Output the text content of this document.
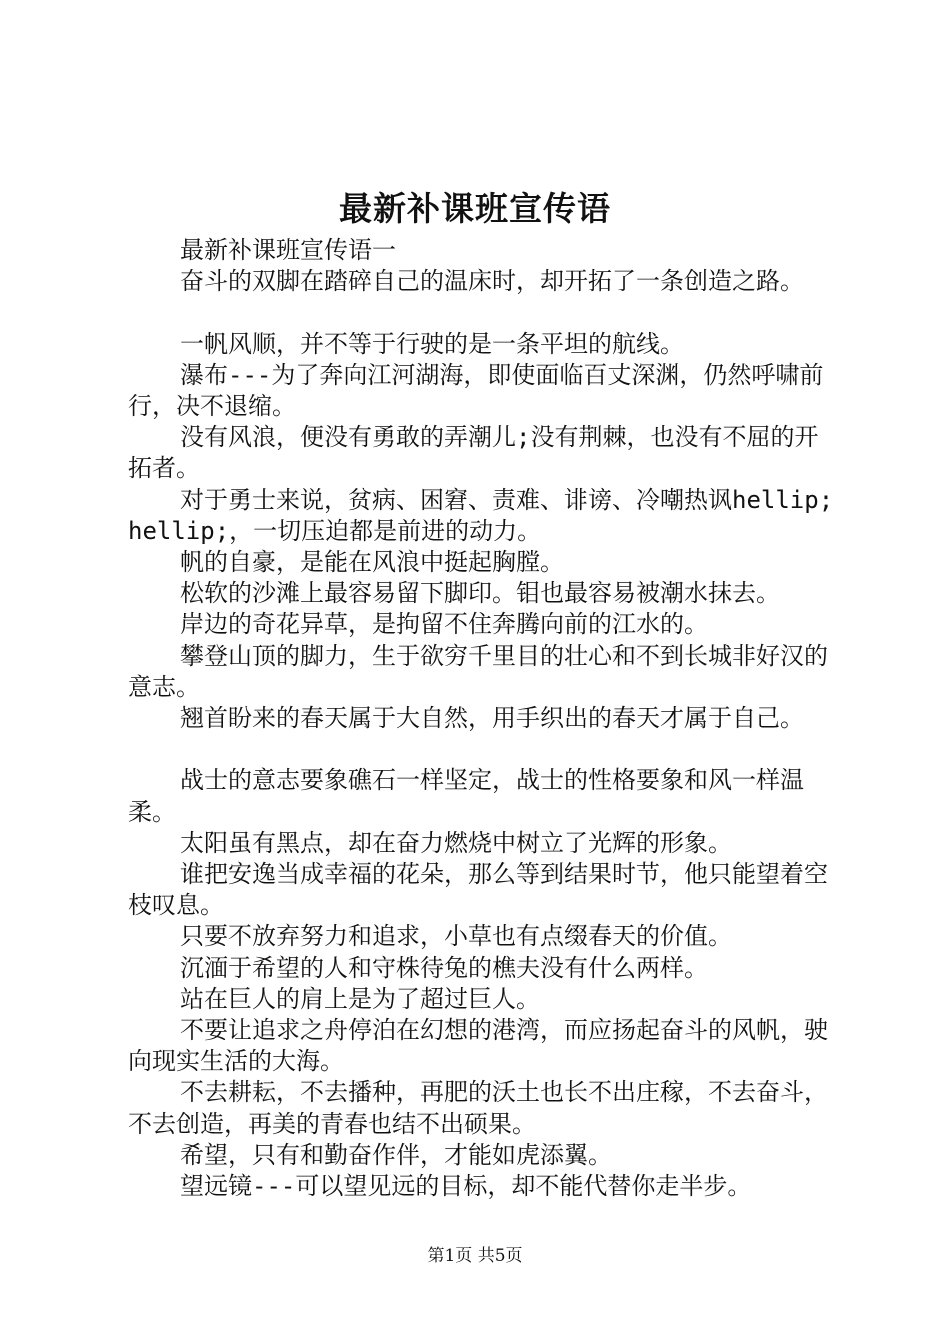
最新补课班宣传语

最新补课班宣传语一

奋斗的双脚在踏碎自己的温床时，却开拓了一条创造之路。

一帆风顺，并不等于行驶的是一条平坦的航线。

瀑布---为了奔向江河湖海，即使面临百丈深渊，仍然呼啸前行，决不退缩。

没有风浪，便没有勇敢的弄潮儿;没有荆棘，也没有不屈的开拓者。

对于勇士来说，贫病、困窘、责难、诽谤、冷嘲热讽hellip;hellip;，一切压迫都是前进的动力。

帆的自豪，是能在风浪中挺起胸膛。

松软的沙滩上最容易留下脚印。钼也最容易被潮水抹去。

岸边的奇花异草，是拘留不住奔腾向前的江水的。

攀登山顶的脚力，生于欲穷千里目的壮心和不到长城非好汉的意志。

翘首盼来的春天属于大自然，用手织出的春天才属于自己。

战士的意志要象礁石一样坚定，战士的性格要象和风一样温柔。

太阳虽有黑点，却在奋力燃烧中树立了光辉的形象。

谁把安逸当成幸福的花朵，那么等到结果时节，他只能望着空枝叹息。

只要不放弃努力和追求，小草也有点缀春天的价值。

沉湎于希望的人和守株待兔的樵夫没有什么两样。

站在巨人的肩上是为了超过巨人。

不要让追求之舟停泊在幻想的港湾，而应扬起奋斗的风帆，驶向现实生活的大海。

不去耕耘，不去播种，再肥的沃土也长不出庄稼，不去奋斗，不去创造，再美的青春也结不出硕果。

希望，只有和勤奋作伴，才能如虎添翼。

望远镜---可以望见远的目标，却不能代替你走半步。

第1页 共5页
